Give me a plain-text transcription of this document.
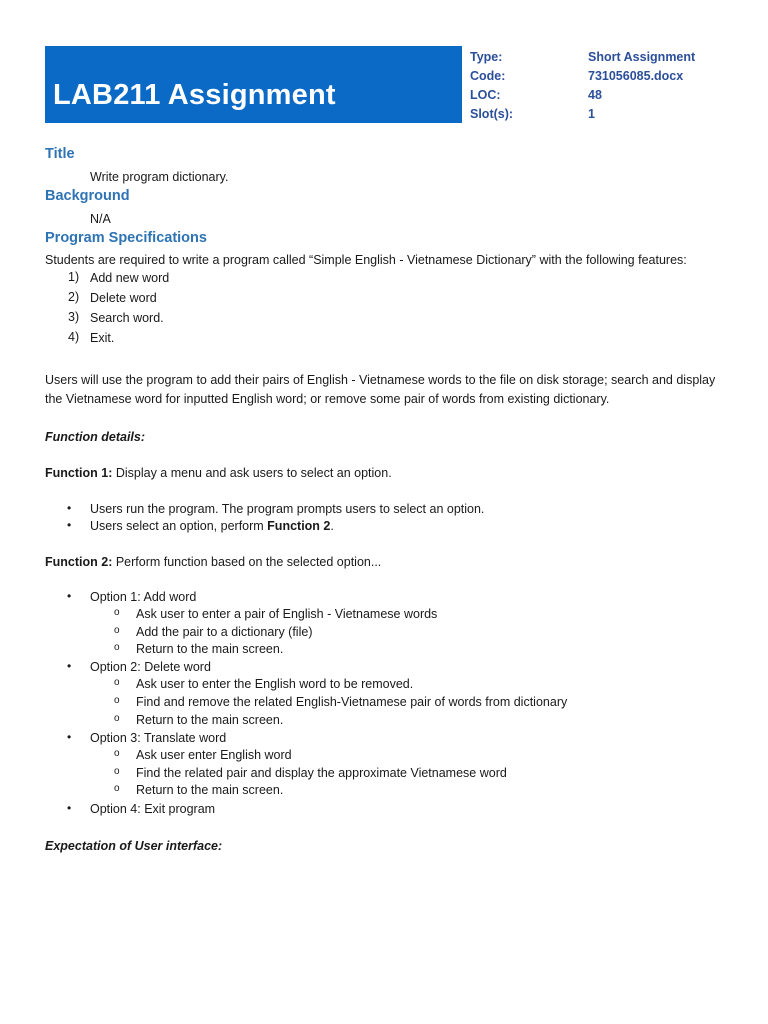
LAB211 Assignment
Type:	Short Assignment
Code:	731056085.docx
LOC:	48
Slot(s):	1
Title
Write program dictionary.
Background
N/A
Program Specifications
Students are required to write a program called “Simple English - Vietnamese Dictionary” with the following features:
1) Add new word
2) Delete word
3) Search word.
4) Exit.
Users will use the program to add their pairs of English - Vietnamese words to the file on disk storage; search and display
the Vietnamese word for inputted English word; or remove some pair of words from existing dictionary.
Function details:
Function 1: Display a menu and ask users to select an option.
• Users run the program. The program prompts users to select an option.
• Users select an option, perform Function 2.
Function 2: Perform function based on the selected option...
• Option 1: Add word
o Ask user to enter a pair of English - Vietnamese words
o Add the pair to a dictionary (file)
o Return to the main screen.
• Option 2: Delete word
o Ask user to enter the English word to be removed.
o Find and remove the related English-Vietnamese pair of words from dictionary
o Return to the main screen.
• Option 3: Translate word
o Ask user enter English word
o Find the related pair and display the approximate Vietnamese word
o Return to the main screen.
• Option 4: Exit program
Expectation of User interface:
